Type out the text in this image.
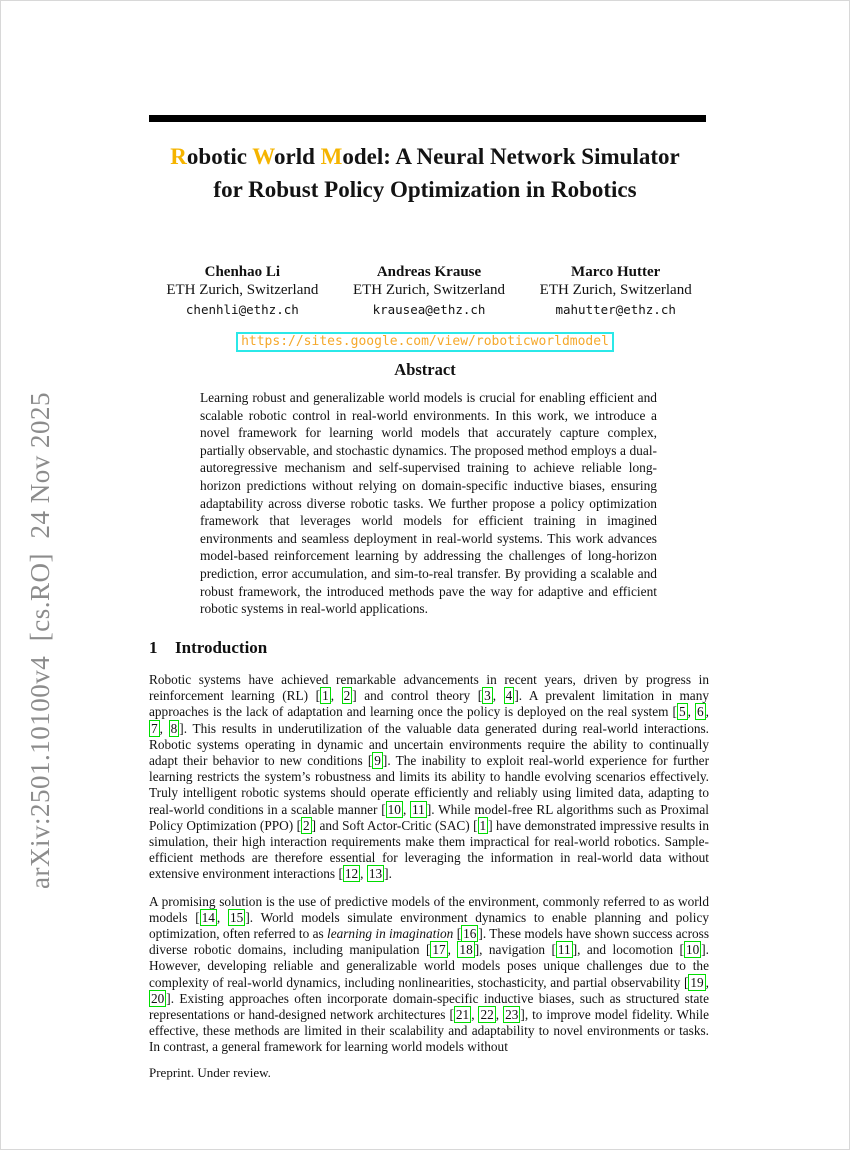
arXiv:2501.10100v4  [cs.RO]  24 Nov 2025
Robotic World Model: A Neural Network Simulator
for Robust Policy Optimization in Robotics
Chenhao Li
ETH Zurich, Switzerland
chenhli@ethz.ch
Andreas Krause
ETH Zurich, Switzerland
krausea@ethz.ch
Marco Hutter
ETH Zurich, Switzerland
mahutter@ethz.ch
https://sites.google.com/view/roboticworldmodel
Abstract
Learning robust and generalizable world models is crucial for enabling efficient and scalable robotic control in real-world environments. In this work, we introduce a novel framework for learning world models that accurately capture complex, partially observable, and stochastic dynamics. The proposed method employs a dual-autoregressive mechanism and self-supervised training to achieve reliable long-horizon predictions without relying on domain-specific inductive biases, ensuring adaptability across diverse robotic tasks. We further propose a policy optimization framework that leverages world models for efficient training in imagined environments and seamless deployment in real-world systems. This work advances model-based reinforcement learning by addressing the challenges of long-horizon prediction, error accumulation, and sim-to-real transfer. By providing a scalable and robust framework, the introduced methods pave the way for adaptive and efficient robotic systems in real-world applications.
1 Introduction

Robotic systems have achieved remarkable advancements in recent years, driven by progress in reinforcement learning (RL) [ 1 , 2 ] and control theory [ 3 , 4 ]. A prevalent limitation in many approaches is the lack of adaptation and learning once the policy is deployed on the real system [ 5 , 6 , 7 , 8 ]. This results in underutilization of the valuable data generated during real-world interactions. Robotic systems operating in dynamic and uncertain environments require the ability to continually adapt their behavior to new conditions [ 9 ]. The inability to exploit real-world experience for further learning restricts the system’s robustness and limits its ability to handle evolving scenarios effectively. Truly intelligent robotic systems should operate efficiently and reliably using limited data, adapting to real-world conditions in a scalable manner [ 10 , 11 ]. While model-free RL algorithms such as Proximal Policy Optimization (PPO) [ 2 ] and Soft Actor-Critic (SAC) [ 1 ] have demonstrated impressive results in simulation, their high interaction requirements make them impractical for real-world robotics. Sample-efficient methods are therefore essential for leveraging the information in real-world data without extensive environment interactions [ 12 , 13 ].

A promising solution is the use of predictive models of the environment, commonly referred to as world models [ 14 , 15 ]. World models simulate environment dynamics to enable planning and policy optimization, often referred to as learning in imagination [ 16 ]. These models have shown success across diverse robotic domains, including manipulation [ 17 , 18 ], navigation [ 11 ], and locomotion [ 10 ]. However, developing reliable and generalizable world models poses unique challenges due to the complexity of real-world dynamics, including nonlinearities, stochasticity, and partial observability [ 19 , 20 ]. Existing approaches often incorporate domain-specific inductive biases, such as structured state representations or hand-designed network architectures [ 21 , 22 , 23 ], to improve model fidelity. While effective, these methods are limited in their scalability and adaptability to novel environments or tasks. In contrast, a general framework for learning world models without

Preprint. Under review.
